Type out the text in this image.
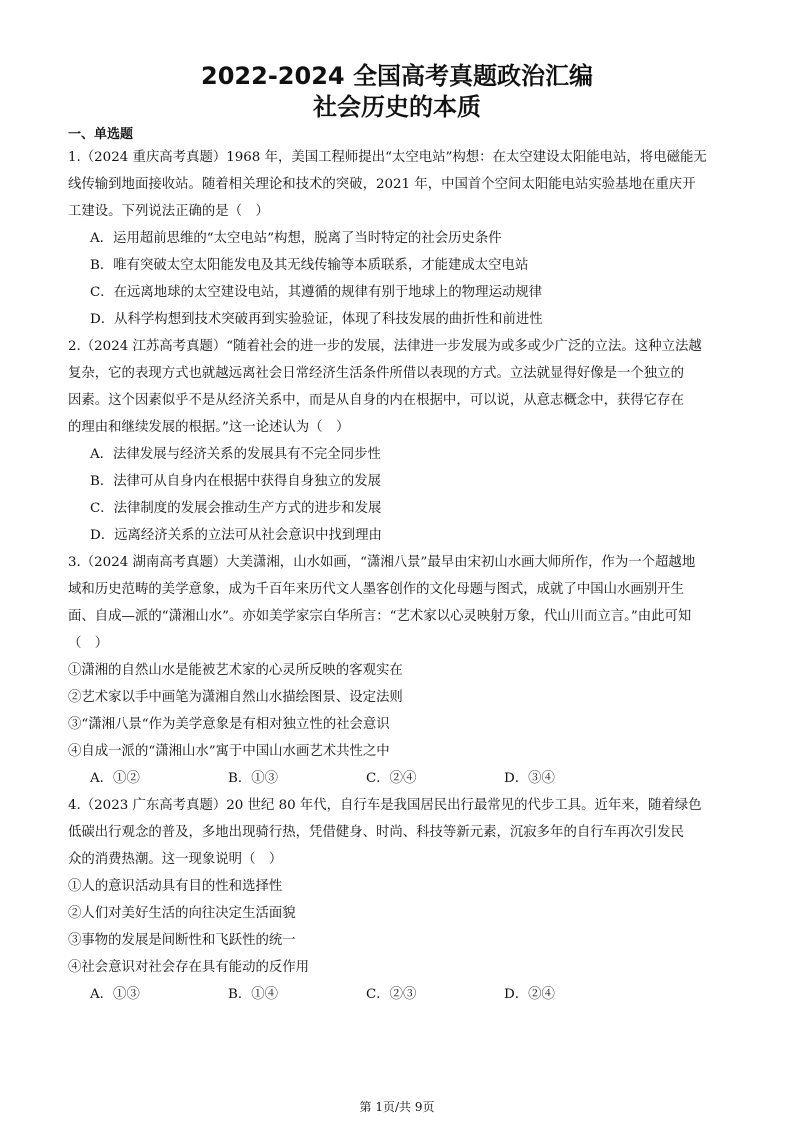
2022-2024 全国高考真题政治汇编
社会历史的本质
一、单选题
1.（2024 重庆高考真题）1968 年，美国工程师提出“太空电站”构想：在太空建设太阳能电站，将电磁能无
线传输到地面接收站。随着相关理论和技术的突破，2021 年，中国首个空间太阳能电站实验基地在重庆开
工建设。下列说法正确的是（　）
A．运用超前思维的“太空电站”构想，脱离了当时特定的社会历史条件
B．唯有突破太空太阳能发电及其无线传输等本质联系，才能建成太空电站
C．在远离地球的太空建设电站，其遵循的规律有别于地球上的物理运动规律
D．从科学构想到技术突破再到实验验证，体现了科技发展的曲折性和前进性
2.（2024 江苏高考真题）“随着社会的进一步的发展，法律进一步发展为或多或少广泛的立法。这种立法越
复杂，它的表现方式也就越远离社会日常经济生活条件所借以表现的方式。立法就显得好像是一个独立的
因素。这个因素似乎不是从经济关系中，而是从自身的内在根据中，可以说，从意志概念中，获得它存在
的理由和继续发展的根据。”这一论述认为（　）
A．法律发展与经济关系的发展具有不完全同步性
B．法律可从自身内在根据中获得自身独立的发展
C．法律制度的发展会推动生产方式的进步和发展
D．远离经济关系的立法可从社会意识中找到理由
3.（2024 湖南高考真题）大美潇湘，山水如画，“潇湘八景”最早由宋初山水画大师所作，作为一个超越地
域和历史范畴的美学意象，成为千百年来历代文人墨客创作的文化母题与图式，成就了中国山水画别开生
面、自成—派的“潇湘山水”。亦如美学家宗白华所言：“艺术家以心灵映射万象，代山川而立言。”由此可知
（　）
①潇湘的自然山水是能被艺术家的心灵所反映的客观实在
②艺术家以手中画笔为潇湘自然山水描绘图景、设定法则
③“潇湘八景“作为美学意象是有相对独立性的社会意识
④自成一派的“潇湘山水”寓于中国山水画艺术共性之中
A．①②	B．①③	C．②④	D．③④
4.（2023 广东高考真题）20 世纪 80 年代，自行车是我国居民出行最常见的代步工具。近年来，随着绿色
低碳出行观念的普及，多地出现骑行热，凭借健身、时尚、科技等新元素，沉寂多年的自行车再次引发民
众的消费热潮。这一现象说明（　）
①人的意识活动具有目的性和选择性
②人们对美好生活的向往决定生活面貌
③事物的发展是间断性和飞跃性的统一
④社会意识对社会存在具有能动的反作用
A．①③	B．①④	C．②③	D．②④
第 1页/共 9页
